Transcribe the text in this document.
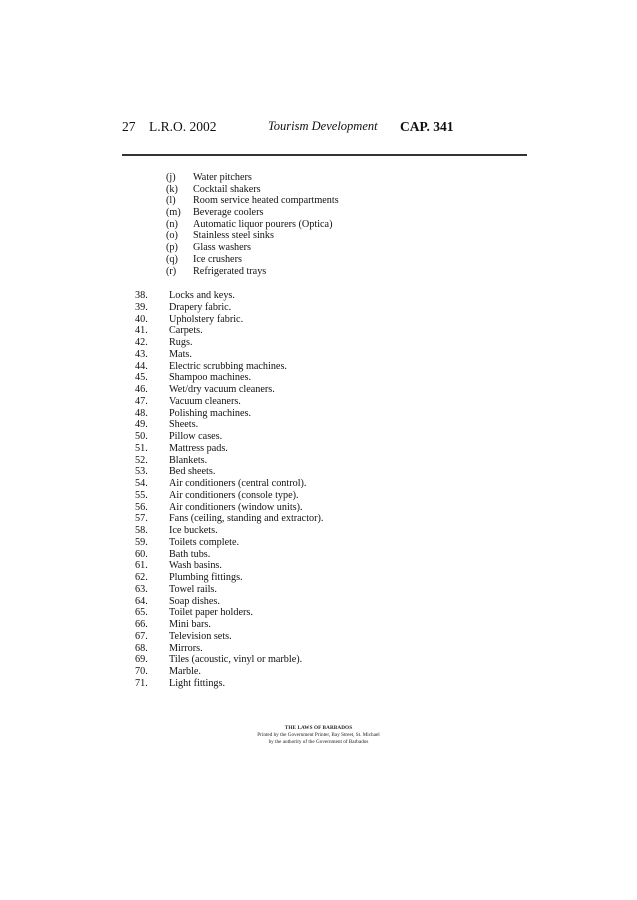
27 L.R.O. 2002	Tourism Development CAP. 341
(j) Water pitchers
(k) Cocktail shakers
(l) Room service heated compartments
(m) Beverage coolers
(n) Automatic liquor pourers (Optica)
(o) Stainless steel sinks
(p) Glass washers
(q) Ice crushers
(r) Refrigerated trays
38. Locks and keys.
39. Drapery fabric.
40. Upholstery fabric.
41. Carpets.
42. Rugs.
43. Mats.
44. Electric scrubbing machines.
45. Shampoo machines.
46. Wet/dry vacuum cleaners.
47. Vacuum cleaners.
48. Polishing machines.
49. Sheets.
50. Pillow cases.
51. Mattress pads.
52. Blankets.
53. Bed sheets.
54. Air conditioners (central control).
55. Air conditioners (console type).
56. Air conditioners (window units).
57. Fans (ceiling, standing and extractor).
58. Ice buckets.
59. Toilets complete.
60. Bath tubs.
61. Wash basins.
62. Plumbing fittings.
63. Towel rails.
64. Soap dishes.
65. Toilet paper holders.
66. Mini bars.
67. Television sets.
68. Mirrors.
69. Tiles (acoustic, vinyl or marble).
70. Marble.
71. Light fittings.
THE LAWS OF BARBADOS
Printed by the Government Printer, Bay Street, St. Michael
by the authority of the Government of Barbados
